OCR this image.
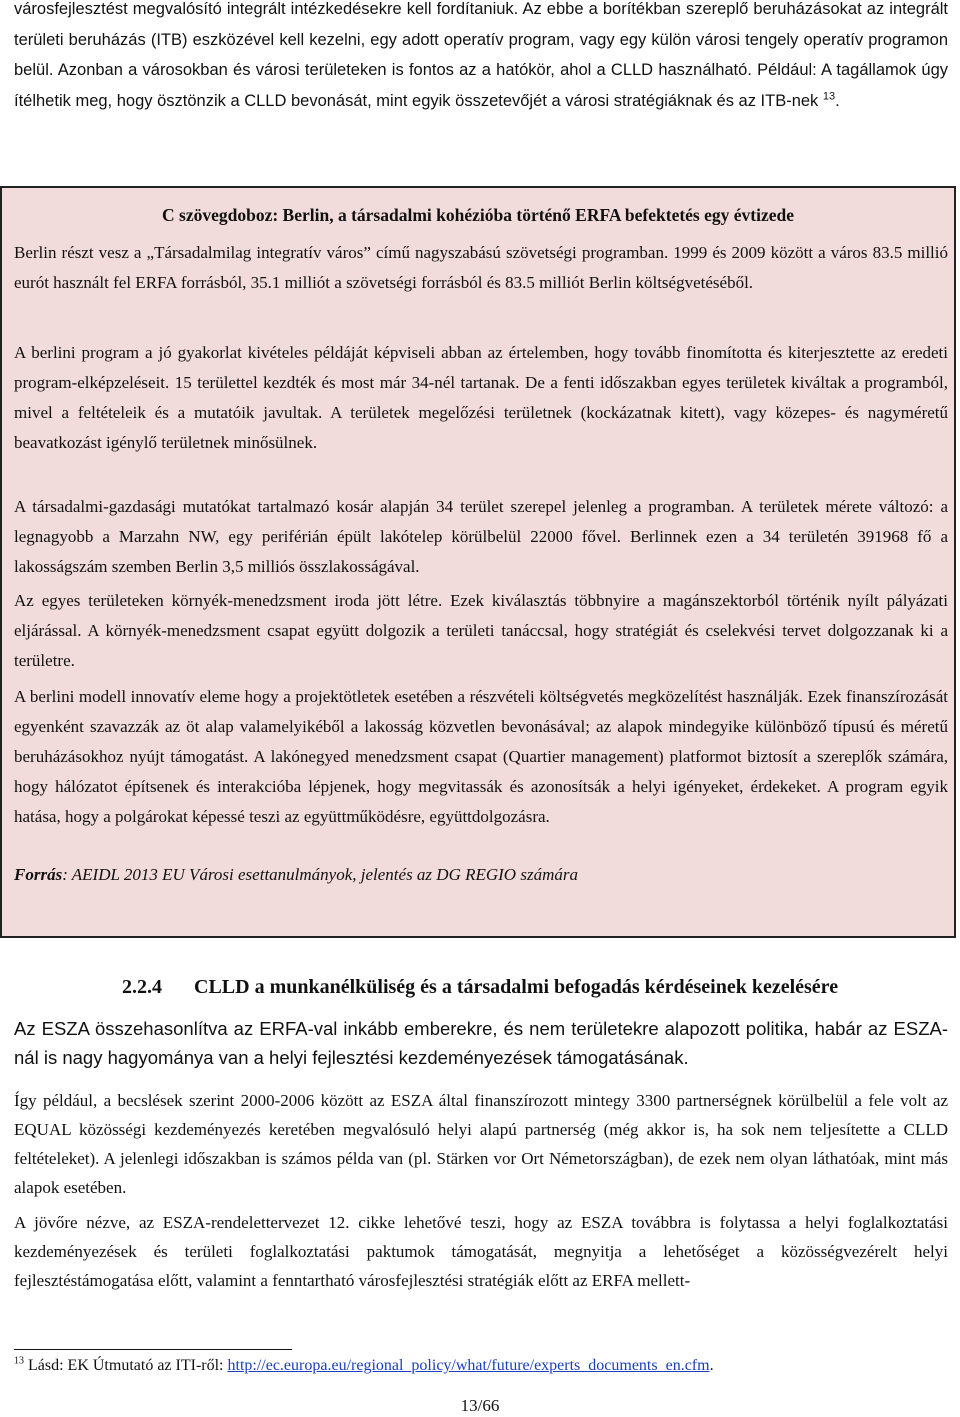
városfejlesztést megvalósító integrált intézkedésekre kell fordítaniuk. Az ebbe a borítékban szereplő beruházásokat az integrált területi beruházás (ITB) eszközével kell kezelni, egy adott operatív program, vagy egy külön városi tengely operatív programon belül. Azonban a városokban és városi területeken is fontos az a hatókör, ahol a CLLD használható. Például: A tagállamok úgy ítélhetik meg, hogy ösztönzik a CLLD bevonását, mint egyik összetevőjét a városi stratégiáknak és az ITB-nek $^{13}$.

C szövegdoboz: Berlin, a társadalmi kohézióba történő ERFA befektetés egy évtizede

Berlin részt vesz a „Társadalmilag integratív város” című nagyszabású szövetségi programban. 1999 és 2009 között a város 83.5 millió eurót használt fel ERFA forrásból, 35.1 milliót a szövetségi forrásból és 83.5 milliót Berlin költségvetéséből.

A berlini program a jó gyakorlat kivételes példáját képviseli abban az értelemben, hogy tovább finomította és kiterjesztette az eredeti program-elképzeléseit. 15 területtel kezdték és most már 34-nél tartanak. De a fenti időszakban egyes területek kiváltak a programból, mivel a feltételeik és a mutatóik javultak. A területek megelőzési területnek (kockázatnak kitett), vagy közepes- és nagyméretű beavatkozást igénylő területnek minősülnek.

A társadalmi-gazdasági mutatókat tartalmazó kosár alapján 34 terület szerepel jelenleg a programban. A területek mérete változó: a legnagyobb a Marzahn NW, egy periférián épült lakótelep körülbelül 22000 fővel. Berlinnek ezen a 34 területén 391968 fő a lakosságszám szemben Berlin 3,5 milliós összlakosságával.

Az egyes területeken környék-menedzsment iroda jött létre. Ezek kiválasztás többnyire a magánszektorból történik nyílt pályázati eljárással. A környék-menedzsment csapat együtt dolgozik a területi tanáccsal, hogy stratégiát és cselekvési tervet dolgozzanak ki a területre.

A berlini modell innovatív eleme hogy a projektötletek esetében a részvételi költségvetés megközelítést használják. Ezek finanszírozását egyenként szavazzák az öt alap valamelyikéből a lakosság közvetlen bevonásával; az alapok mindegyike különböző típusú és méretű beruházásokhoz nyújt támogatást. A lakónegyed menedzsment csapat (Quartier management) platformot biztosít a szereplők számára, hogy hálózatot építsenek és interakcióba lépjenek, hogy megvitassák és azonosítsák a helyi igényeket, érdekeket. A program egyik hatása, hogy a polgárokat képessé teszi az együttműködésre, együttdolgozásra.

Forrás: AEIDL 2013 EU Városi esettanulmányok, jelentés az DG REGIO számára

2.2.4 CLLD a munkanélküliség és a társadalmi befogadás kérdéseinek kezelésére

Az ESZA összehasonlítva az ERFA-val inkább emberekre, és nem területekre alapozott politika, habár az ESZA-nál is nagy hagyománya van a helyi fejlesztési kezdeményezések támogatásának.

Így például, a becslések szerint 2000-2006 között az ESZA által finanszírozott mintegy 3300 partnerségnek körülbelül a fele volt az EQUAL közösségi kezdeményezés keretében megvalósuló helyi alapú partnerség (még akkor is, ha sok nem teljesítette a CLLD feltételeket). A jelenlegi időszakban is számos példa van (pl. Stärken vor Ort Németországban), de ezek nem olyan láthatóak, mint más alapok esetében.

A jövőre nézve, az ESZA-rendelettervezet 12. cikke lehetővé teszi, hogy az ESZA továbbra is folytassa a helyi foglalkoztatási kezdeményezések és területi foglalkoztatási paktumok támogatását, megnyitja a lehetőséget a közösségvezérelt helyi fejlesztéstámogatása előtt, valamint a fenntartható városfejlesztési stratégiák előtt az ERFA mellett-

$^{13}$ Lásd: EK Útmutató az ITI-ről: http://ec.europa.eu/regional_policy/what/future/experts_documents_en.cfm.

13/66
